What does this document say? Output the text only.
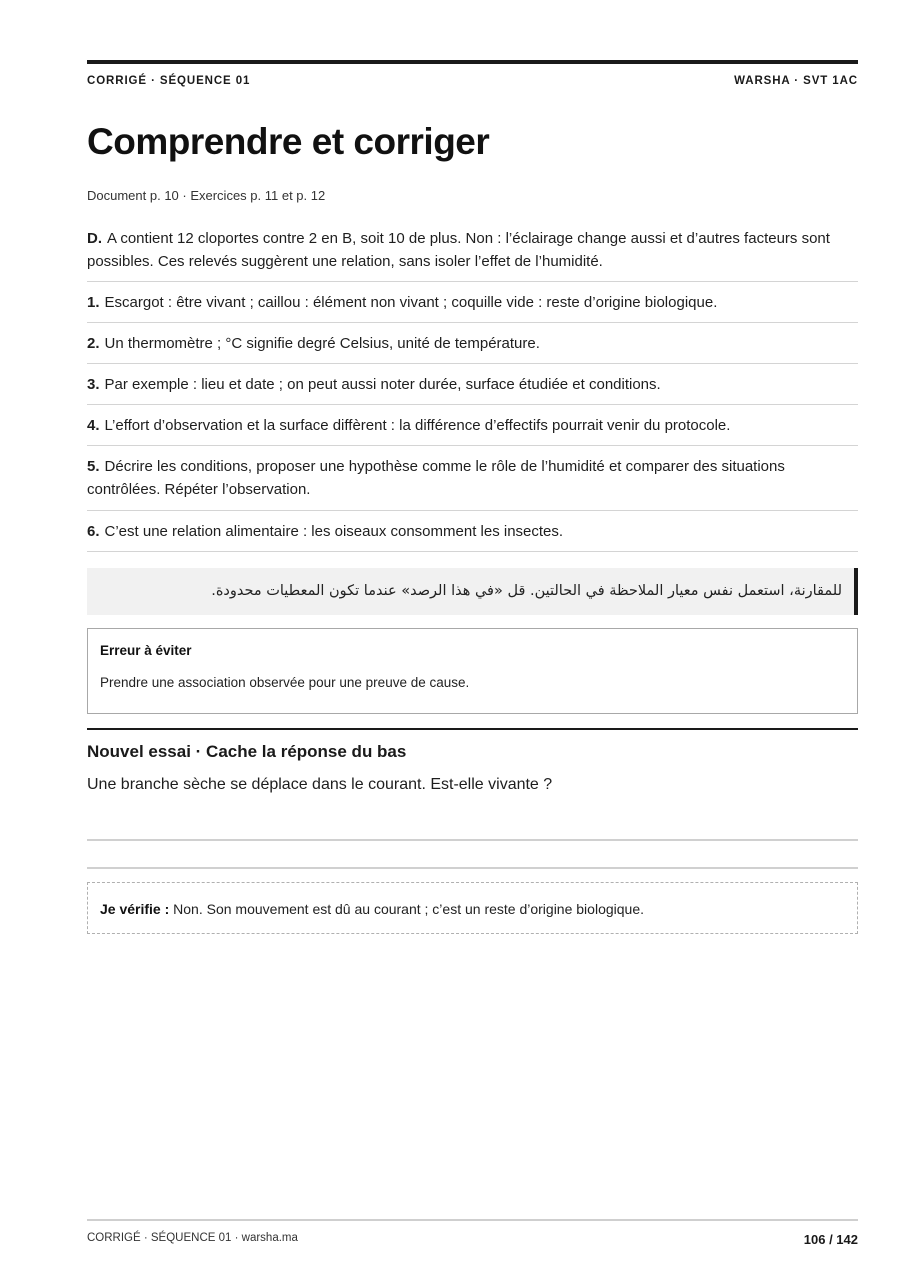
CORRIGÉ · SÉQUENCE 01	WARSHA · SVT 1AC
Comprendre et corriger
Document p. 10 · Exercices p. 11 et p. 12
D. A contient 12 cloportes contre 2 en B, soit 10 de plus. Non : l’éclairage change aussi et d’autres facteurs sont possibles. Ces relevés suggèrent une relation, sans isoler l’effet de l’humidité.
1. Escargot : être vivant ; caillou : élément non vivant ; coquille vide : reste d’origine biologique.
2. Un thermomètre ; °C signifie degré Celsius, unité de température.
3. Par exemple : lieu et date ; on peut aussi noter durée, surface étudiée et conditions.
4. L’effort d’observation et la surface diffèrent : la différence d’effectifs pourrait venir du protocole.
5. Décrire les conditions, proposer une hypothèse comme le rôle de l’humidité et comparer des situations contrôlées. Répéter l’observation.
6. C’est une relation alimentaire : les oiseaux consomment les insectes.
للمقارنة، استعمل نفس معيار الملاحظة في الحالتين. قل «في هذا الرصد» عندما تكون المعطيات محدودة.
Erreur à éviter
Prendre une association observée pour une preuve de cause.
Nouvel essai · Cache la réponse du bas
Une branche sèche se déplace dans le courant. Est-elle vivante ?
Je vérifie : Non. Son mouvement est dû au courant ; c’est un reste d’origine biologique.
CORRIGÉ · SÉQUENCE 01 · warsha.ma	106 / 142
